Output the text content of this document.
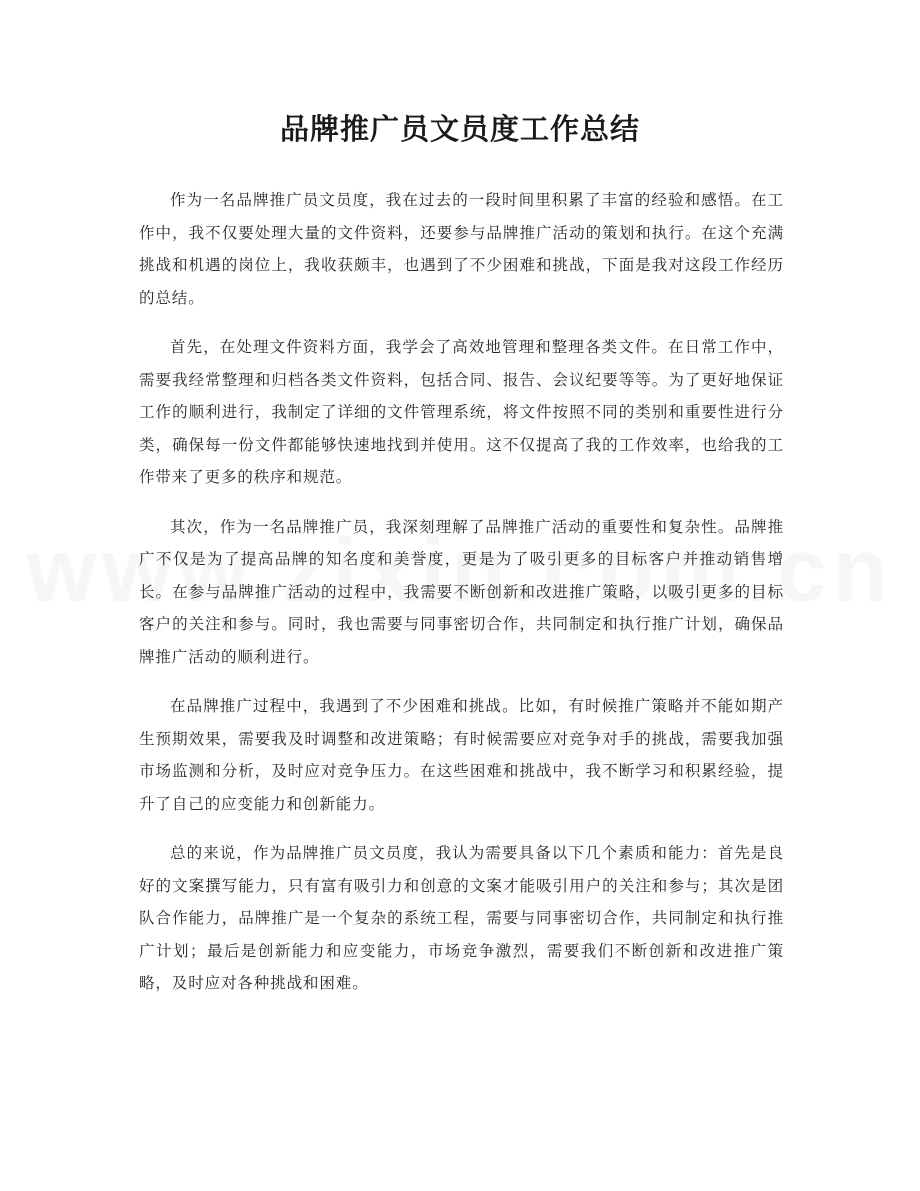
品牌推广员文员度工作总结

作为一名品牌推广员文员度，我在过去的一段时间里积累了丰富的经验和感悟。在工作中，我不仅要处理大量的文件资料，还要参与品牌推广活动的策划和执行。在这个充满挑战和机遇的岗位上，我收获颇丰，也遇到了不少困难和挑战，下面是我对这段工作经历的总结。

首先，在处理文件资料方面，我学会了高效地管理和整理各类文件。在日常工作中，需要我经常整理和归档各类文件资料，包括合同、报告、会议纪要等等。为了更好地保证工作的顺利进行，我制定了详细的文件管理系统，将文件按照不同的类别和重要性进行分类，确保每一份文件都能够快速地找到并使用。这不仅提高了我的工作效率，也给我的工作带来了更多的秩序和规范。

其次，作为一名品牌推广员，我深刻理解了品牌推广活动的重要性和复杂性。品牌推广不仅是为了提高品牌的知名度和美誉度，更是为了吸引更多的目标客户并推动销售增长。在参与品牌推广活动的过程中，我需要不断创新和改进推广策略，以吸引更多的目标客户的关注和参与。同时，我也需要与同事密切合作，共同制定和执行推广计划，确保品牌推广活动的顺利进行。

在品牌推广过程中，我遇到了不少困难和挑战。比如，有时候推广策略并不能如期产生预期效果，需要我及时调整和改进策略；有时候需要应对竞争对手的挑战，需要我加强市场监测和分析，及时应对竞争压力。在这些困难和挑战中，我不断学习和积累经验，提升了自己的应变能力和创新能力。

总的来说，作为品牌推广员文员度，我认为需要具备以下几个素质和能力：首先是良好的文案撰写能力，只有富有吸引力和创意的文案才能吸引用户的关注和参与；其次是团队合作能力，品牌推广是一个复杂的系统工程，需要与同事密切合作，共同制定和执行推广计划；最后是创新能力和应变能力，市场竞争激烈，需要我们不断创新和改进推广策略，及时应对各种挑战和困难。
